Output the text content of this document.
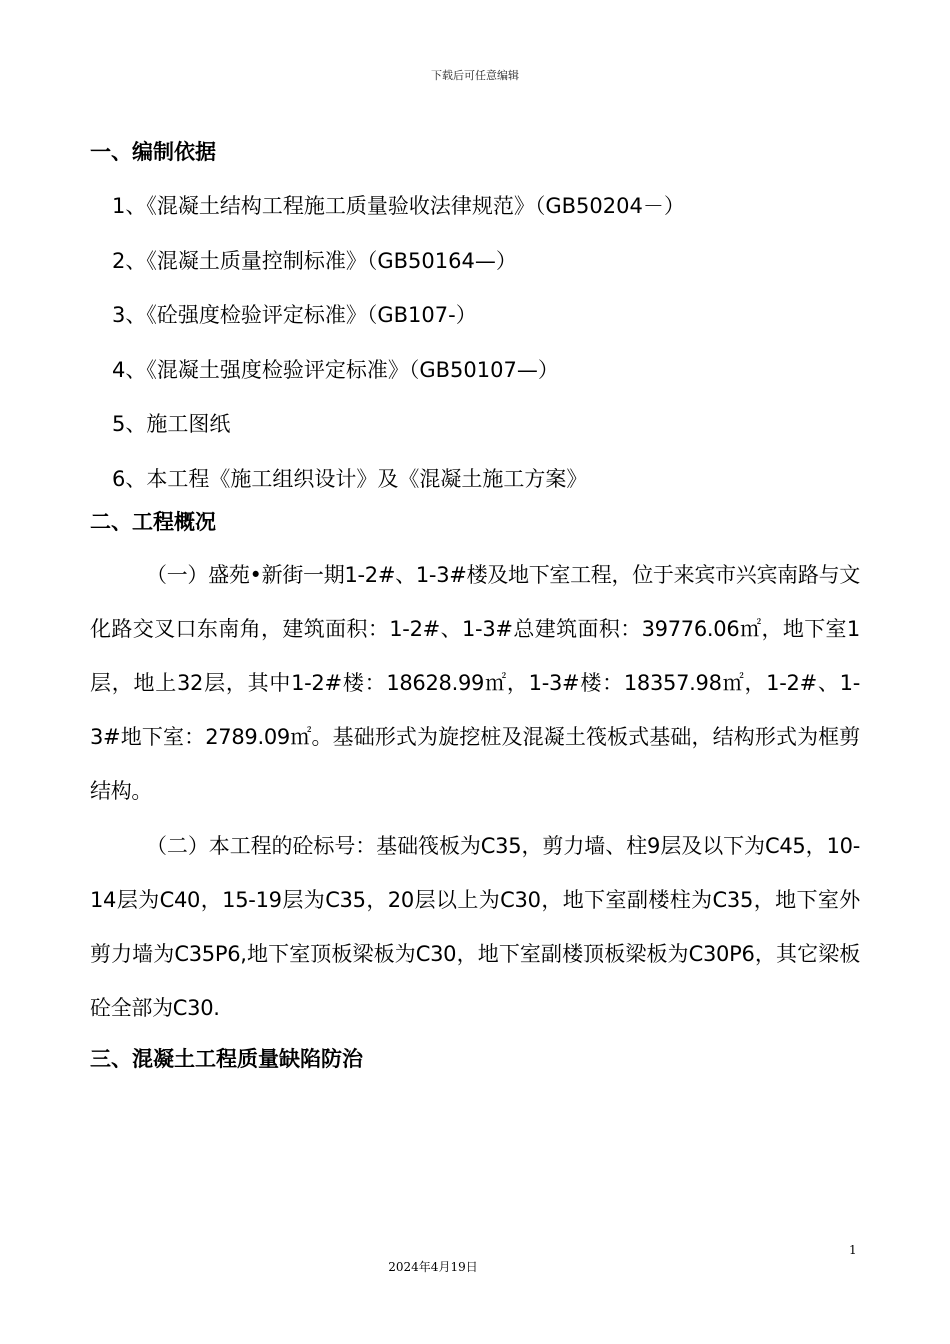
下载后可任意编辑
一、编制依据
1、《混凝土结构工程施工质量验收法律规范》（GB50204－）
2、《混凝土质量控制标准》（GB50164—）
3、《砼强度检验评定标准》（GB107-）
4、《混凝土强度检验评定标准》（GB50107—）
5、施工图纸
6、本工程《施工组织设计》及《混凝土施工方案》
二、工程概况

（一）盛苑•新街一期1-2#、1-3#楼及地下室工程，位于来宾市兴宾南路与文化路交叉口东南角，建筑面积：1-2#、1-3#总建筑面积：39776.06㎡，地下室1层，地上32层，其中1-2#楼：18628.99㎡，1-3#楼：18357.98㎡，1-2#、1-3#地下室：2789.09㎡。基础形式为旋挖桩及混凝土筏板式基础，结构形式为框剪结构。

（二）本工程的砼标号：基础筏板为C35，剪力墙、柱9层及以下为C45，10-14层为C40，15-19层为C35，20层以上为C30，地下室副楼柱为C35，地下室外剪力墙为C35P6,地下室顶板梁板为C30，地下室副楼顶板梁板为C30P6，其它梁板砼全部为C30.

三、混凝土工程质量缺陷防治
1
2024年4月19日
